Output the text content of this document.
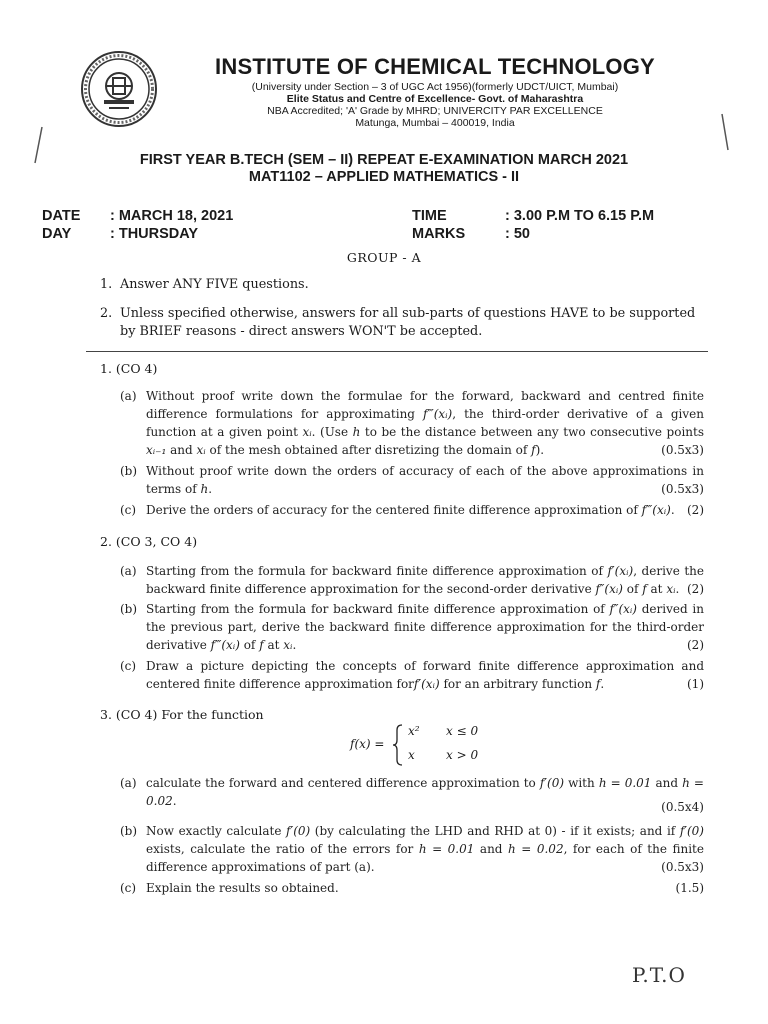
INSTITUTE OF CHEMICAL TECHNOLOGY
(University under Section – 3 of UGC Act 1956)(formerly UDCT/UICT, Mumbai)
Elite Status and Centre of Excellence- Govt. of Maharashtra
NBA Accredited; 'A' Grade by MHRD; UNIVERCITY PAR EXCELLENCE
Matunga, Mumbai – 400019, India
FIRST YEAR B.TECH (SEM – II) REPEAT E-EXAMINATION MARCH 2021
MAT1102 – APPLIED MATHEMATICS - II
DATE : MARCH 18, 2021
DAY	: THURSDAY
TIME	: 3.00 P.M TO 6.15 P.M
MARKS	: 50
GROUP - A
1. Answer ANY FIVE questions.
2. Unless specified otherwise, answers for all sub-parts of questions HAVE to be supported by BRIEF reasons - direct answers WON'T be accepted.
1. (CO 4)
(a) Without proof write down the formulae for the forward, backward and centred finite difference formulations for approximating f‴(xᵢ), the third-order derivative of a given function at a given point xᵢ. (Use h to be the distance between any two consecutive points xᵢ₋₁ and xᵢ of the mesh obtained after disretizing the domain of f).	(0.5x3)
(b) Without proof write down the orders of accuracy of each of the above approximations in terms of h.	(0.5x3)
(c) Derive the orders of accuracy for the centered finite difference approximation of f‴(xᵢ). (2)
2. (CO 3, CO 4)
(a) Starting from the formula for backward finite difference approximation of f′(xᵢ), derive the backward finite difference approximation for the second-order derivative f″(xᵢ) of f at xᵢ. (2)
(b) Starting from the formula for backward finite difference approximation of f″(xᵢ) derived in the previous part, derive the backward finite difference approximation for the third-order derivative f‴(xᵢ) of f at xᵢ.	(2)
(c) Draw a picture depicting the concepts of forward finite difference approximation and centered finite difference approximation forf′(xᵢ) for an arbitrary function f.	(1)
3. (CO 4) For the function
f(x) =
x² x ≤ 0
x	x > 0
(a) calculate the forward and centered difference approximation to f′(0) with h = 0.01 and h = 0.02.	(0.5x4)
(b) Now exactly calculate f′(0) (by calculating the LHD and RHD at 0) - if it exists; and if f′(0) exists, calculate the ratio of the errors for h = 0.01 and h = 0.02, for each of the finite difference approximations of part (a).	(0.5x3)
(c) Explain the results so obtained.	(1.5)
P.T.O
